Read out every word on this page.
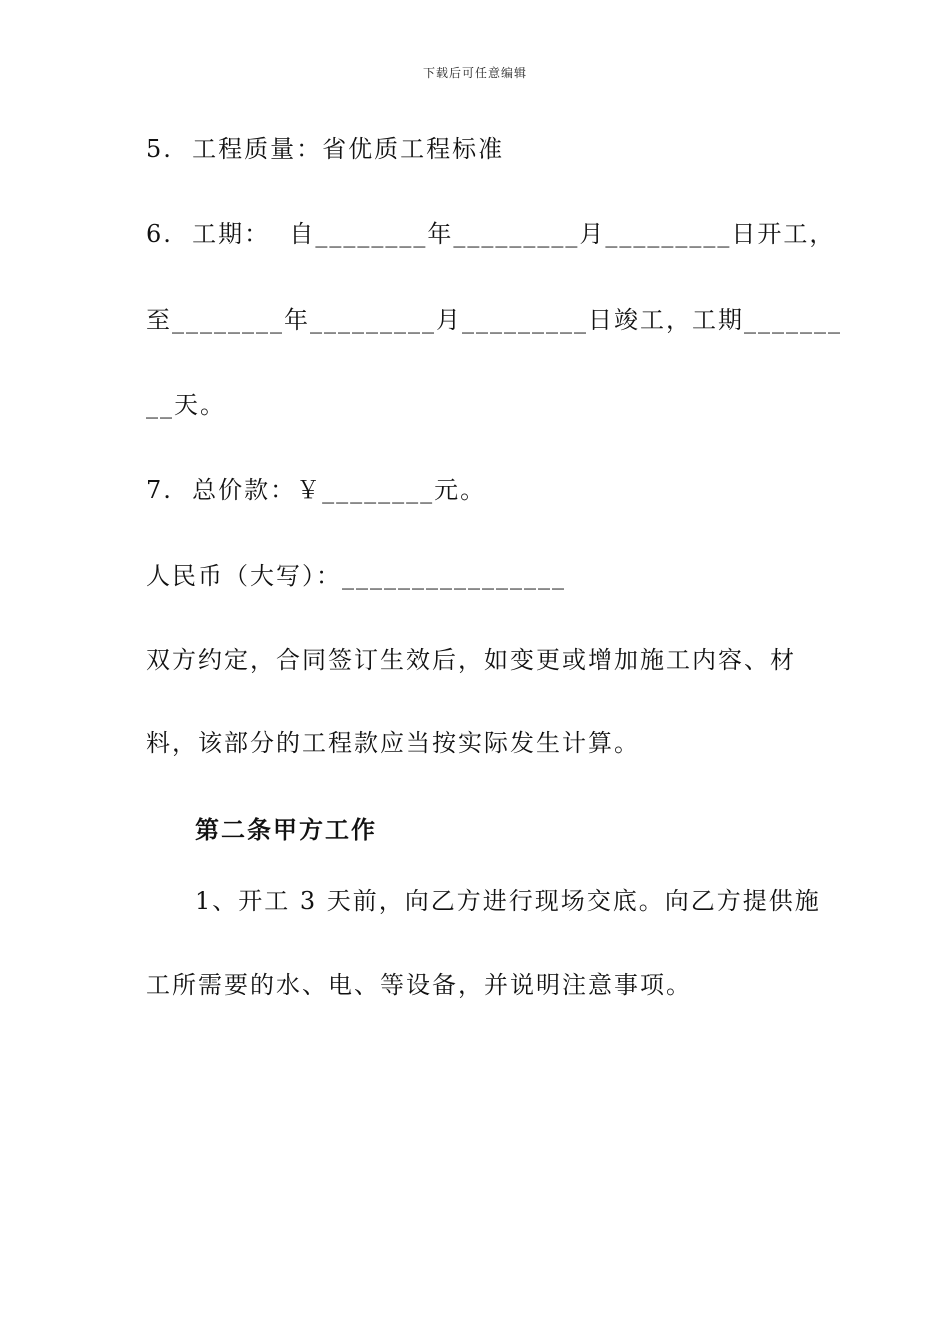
下载后可任意编辑
5.  工程质量：省优质工程标准
6.  工期：  自________年_________月_________日开工，
至________年_________月_________日竣工，工期_______
__天。
7.  总价款：￥________元。
人民币（大写）：________________
双方约定，合同签订生效后，如变更或增加施工内容、材
料，该部分的工程款应当按实际发生计算。
第二条甲方工作
1、开工 3 天前，向乙方进行现场交底。向乙方提供施
工所需要的水、电、等设备，并说明注意事项。
